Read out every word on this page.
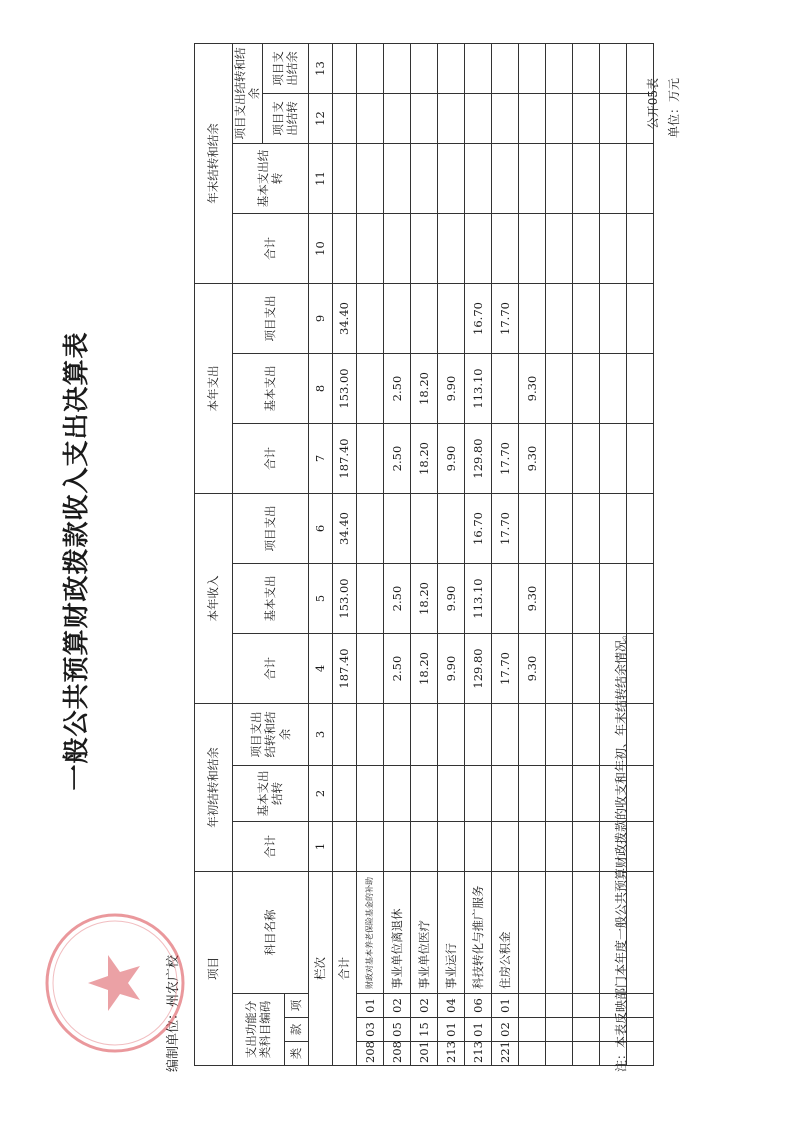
一般公共预算财政拨款收入支出决算表
公开05表 单位：万元
编制单位：州农广校 项目				年初结转和结余			本年收入			本年支出			年末结转和结余			
支出功能分类科目编码			科目名称	合计	基本支出结转	项目支出结转和结余	合计	基本支出	项目支出	合计	基本支出	项目支出	合计	基本支出结转	项目支出结转和结余	
															项目支出结转	项目支出结余
类	款	项														
栏次				1	2	3	4	5	6	7	8	9	10	11	12	13
合计							187.40	153.00	34.40	187.40	153.00	34.40				
208	03	01	财政对基本养老保险基金的补助													
208	05	02	事业单位离退休				2.50	2.50		2.50	2.50					
201	15	02	事业单位医疗				18.20	18.20		18.20	18.20					
213	01	04	事业运行				9.90	9.90		9.90	9.90					
213	01	06	科技转化与推广服务				129.80	113.10	16.70	129.80	113.10	16.70				
221	02	01	住房公积金				17.70		17.70	17.70		17.70				
							9.30	9.30		9.30	9.30					

注：本表反映部门本年度一般公共预算财政拨款的收支和年初、年末结转结余情况。
